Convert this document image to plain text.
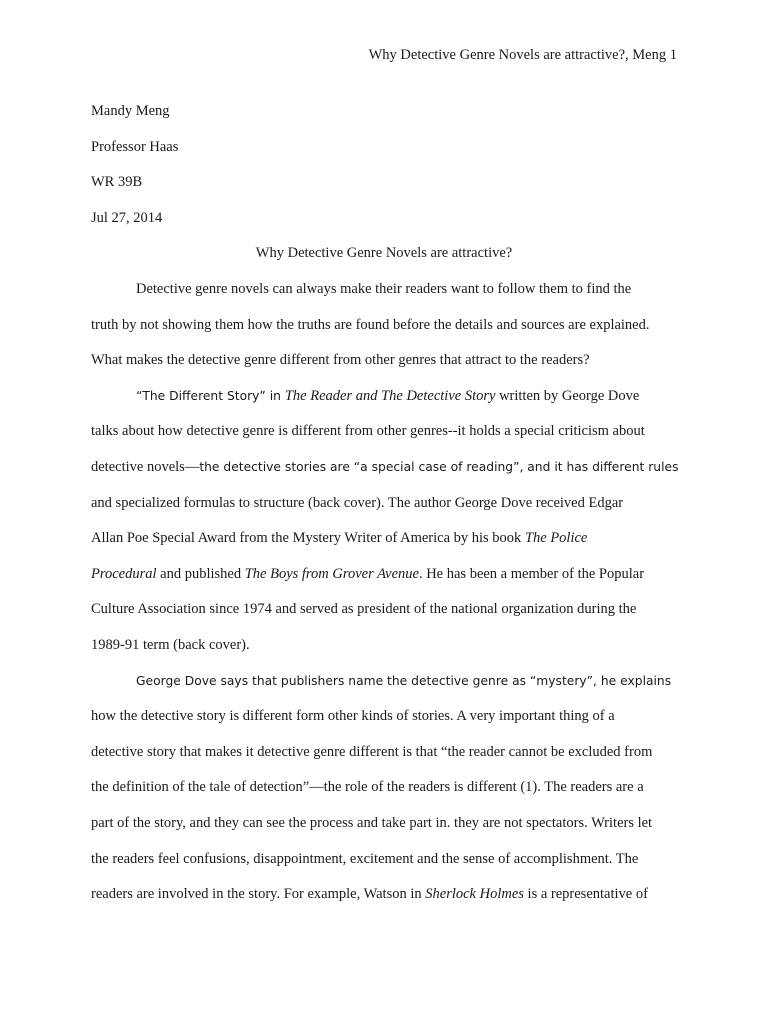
Why Detective Genre Novels are attractive?, Meng 1
Mandy Meng
Professor Haas
WR 39B
Jul 27, 2014
Why Detective Genre Novels are attractive?
Detective genre novels can always make their readers want to follow them to find the
truth by not showing them how the truths are found before the details and sources are explained.
What makes the detective genre different from other genres that attract to the readers?
“The Different Story” in The Reader and The Detective Story written by George Dove
talks about how detective genre is different from other genres--it holds a special criticism about
detective novels—the detective stories are “a special case of reading”, and it has different rules
and specialized formulas to structure (back cover). The author George Dove received Edgar
Allan Poe Special Award from the Mystery Writer of America by his book The Police
Procedural and published The Boys from Grover Avenue. He has been a member of the Popular
Culture Association since 1974 and served as president of the national organization during the
1989-91 term (back cover).
George Dove says that publishers name the detective genre as “mystery”, he explains
how the detective story is different form other kinds of stories. A very important thing of a
detective story that makes it detective genre different is that “the reader cannot be excluded from
the definition of the tale of detection”—the role of the readers is different (1). The readers are a
part of the story, and they can see the process and take part in. they are not spectators. Writers let
the readers feel confusions, disappointment, excitement and the sense of accomplishment. The
readers are involved in the story. For example, Watson in Sherlock Holmes is a representative of
